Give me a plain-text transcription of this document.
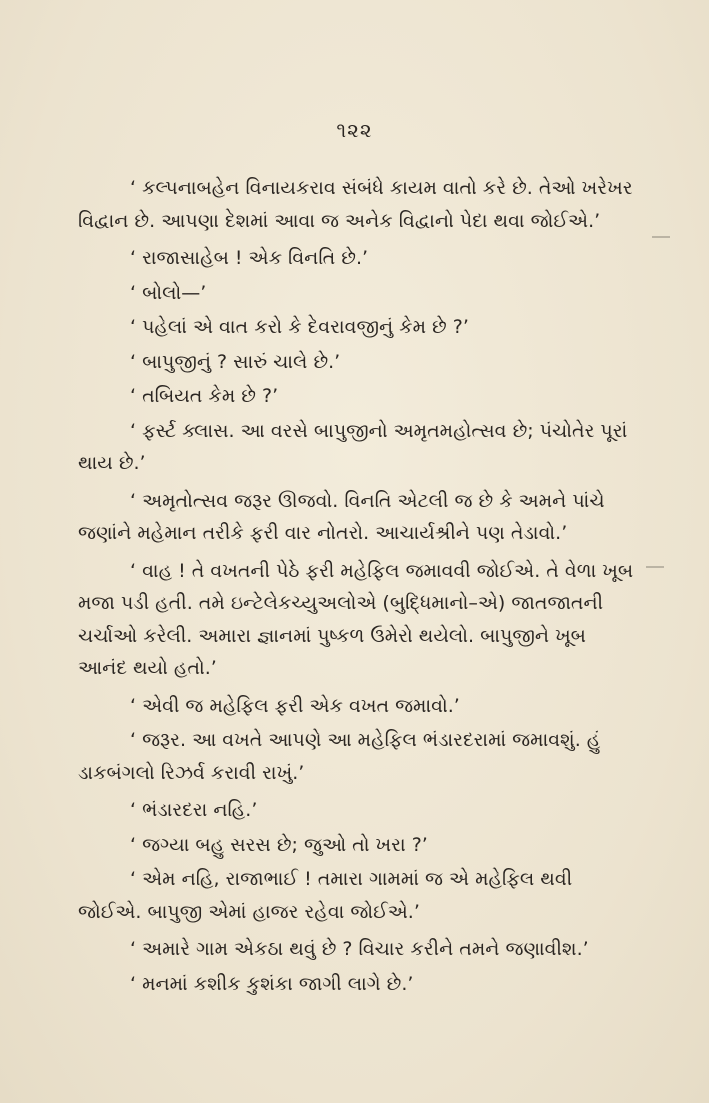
૧૨૨

‘ કલ્પનાબહેન વિનાયકરાવ સંબંધે કાયમ વાતો કરે છે. તેઓ ખરેખર વિદ્વાન છે. આપણા દેશમાં આવા જ અનેક વિદ્વાનો પેદા થવા જોઈએ.’

‘ રાજાસાહેબ ! એક વિનતિ છે.’

‘ બોલો—’

‘ પહેલાં એ વાત કરો કે દેવરાવજીનું કેમ છે ?’

‘ બાપુજીનું ? સારું ચાલે છે.’

‘ તબિયત કેમ છે ?’

‘ ફર્સ્ટ ક્લાસ. આ વરસે બાપુજીનો અમૃતમહોત્સવ છે; પંચોતેર પૂરાં થાય છે.’

‘ અમૃતોત્સવ જરૂર ઊજવો. વિનતિ એટલી જ છે કે અમને પાંચે જણાંને મહેમાન તરીકે ફરી વાર નોતરો. આચાર્યશ્રીને પણ તેડાવો.’

‘ વાહ ! તે વખતની પેઠે ફરી મહેફિલ જમાવવી જોઈએ. તે વેળા ખૂબ મજા પડી હતી. તમે ઇન્ટેલેકચ્યુઅલોએ (બુદ્ધિમાનો–એ) જાતજાતની ચર્ચાઓ કરેલી. અમારા જ્ઞાનમાં પુષ્કળ ઉમેરો થયેલો. બાપુજીને ખૂબ આનંદ થયો હતો.’

‘ એવી જ મહેફિલ ફરી એક વખત જમાવો.’

‘ જરૂર. આ વખતે આપણે આ મહેફિલ ભંડારદરામાં જમાવશું. હું ડાકબંગલો રિઝર્વ કરાવી રાખું.’

‘ ભંડારદરા નહિ.’

‘ જગ્યા બહુ સરસ છે; જુઓ તો ખરા ?’

‘ એમ નહિ, રાજાભાઈ ! તમારા ગામમાં જ એ મહેફિલ થવી જોઈએ. બાપુજી એમાં હાજર રહેવા જોઈએ.’

‘ અમારે ગામ એકઠા થવું છે ? વિચાર કરીને તમને જણાવીશ.’

‘ મનમાં કશીક કુશંકા જાગી લાગે છે.’
